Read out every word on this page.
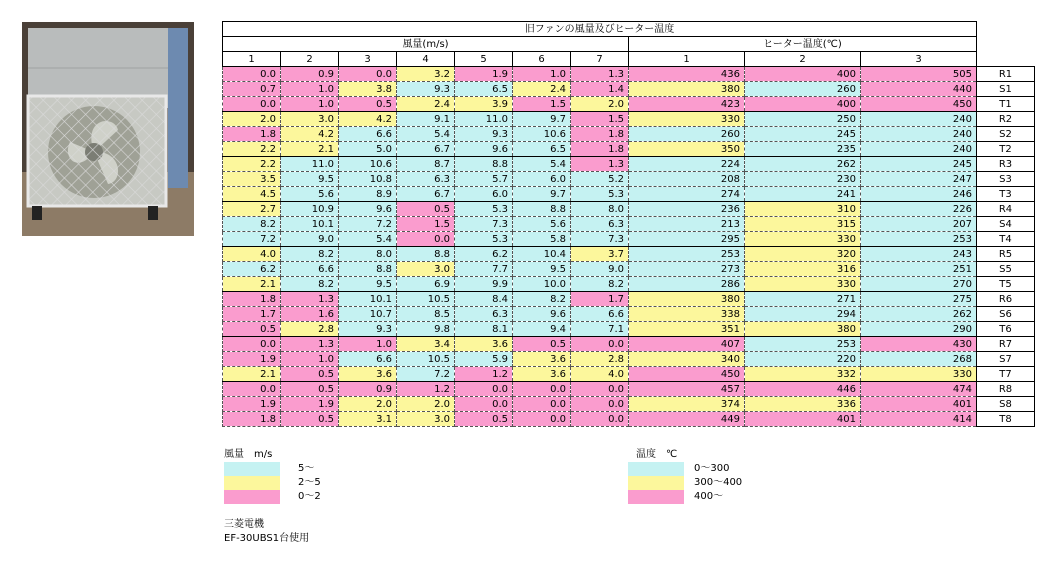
旧ファンの風量及びヒーター温度										
風量(m/s)							ヒーター温度(℃)			
1	2	3	4	5	6	7	1	2	3	
0.0	0.9	0.0	3.2	1.9	1.0	1.3	436	400	505	R1
0.7	1.0	3.8	9.3	6.5	2.4	1.4	380	260	440	S1
0.0	1.0	0.5	2.4	3.9	1.5	2.0	423	400	450	T1
2.0	3.0	4.2	9.1	11.0	9.7	1.5	330	250	240	R2
1.8	4.2	6.6	5.4	9.3	10.6	1.8	260	245	240	S2
2.2	2.1	5.0	6.7	9.6	6.5	1.8	350	235	240	T2
2.2	11.0	10.6	8.7	8.8	5.4	1.3	224	262	245	R3
3.5	9.5	10.8	6.3	5.7	6.0	5.2	208	230	247	S3
4.5	5.6	8.9	6.7	6.0	9.7	5.3	274	241	246	T3
2.7	10.9	9.6	0.5	5.3	8.8	8.0	236	310	226	R4
8.2	10.1	7.2	1.5	7.3	5.6	6.3	213	315	207	S4
7.2	9.0	5.4	0.0	5.3	5.8	7.3	295	330	253	T4
4.0	8.2	8.0	8.8	6.2	10.4	3.7	253	320	243	R5
6.2	6.6	8.8	3.0	7.7	9.5	9.0	273	316	251	S5
2.1	8.2	9.5	6.9	9.9	10.0	8.2	286	330	270	T5
1.8	1.3	10.1	10.5	8.4	8.2	1.7	380	271	275	R6
1.7	1.6	10.7	8.5	6.3	9.6	6.6	338	294	262	S6
0.5	2.8	9.3	9.8	8.1	9.4	7.1	351	380	290	T6
0.0	1.3	1.0	3.4	3.6	0.5	0.0	407	253	430	R7
1.9	1.0	6.6	10.5	5.9	3.6	2.8	340	220	268	S7
2.1	0.5	3.6	7.2	1.2	3.6	4.0	450	332	330	T7
0.0	0.5	0.9	1.2	0.0	0.0	0.0	457	446	474	R8
1.9	1.9	2.0	2.0	0.0	0.0	0.0	374	336	401	S8
1.8	0.5	3.1	3.0	0.5	0.0	0.0	449	401	414	T8
風量　m/s
5～
2～5
0～2
温度　℃
0～300
300～400
400～
三菱電機
EF-30UBS1台使用
